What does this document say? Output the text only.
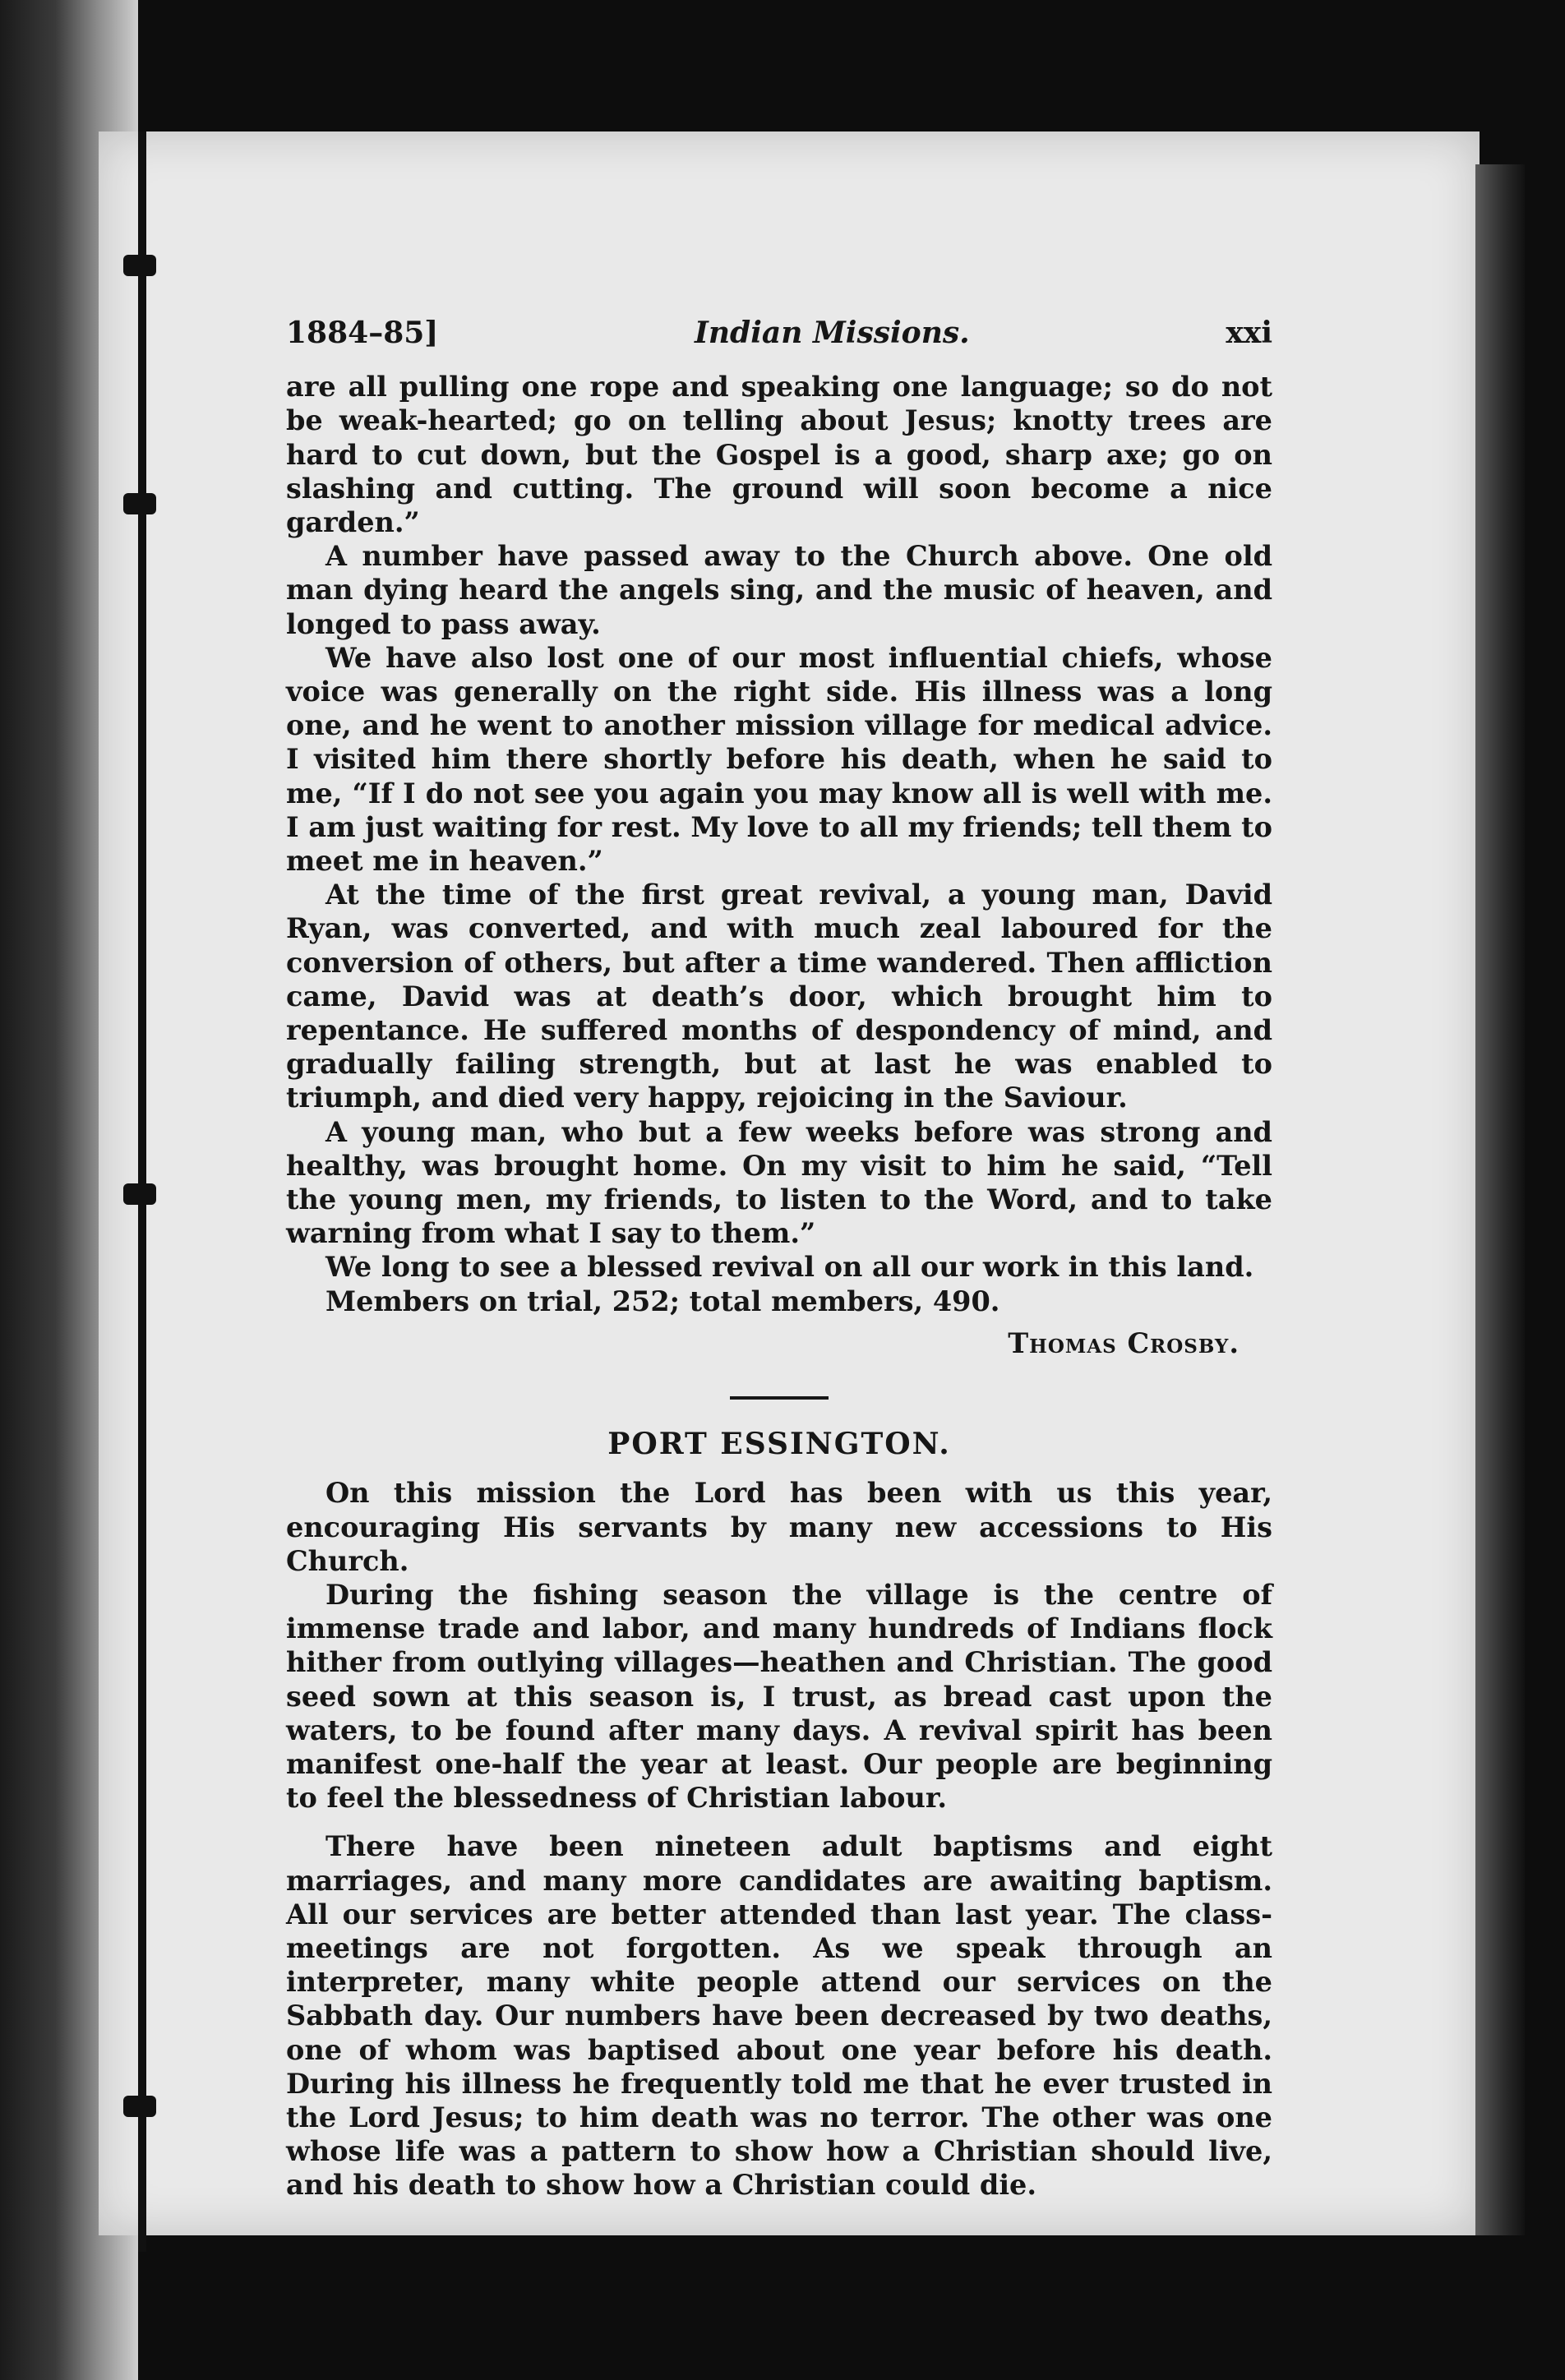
1884–85]	Indian Missions.	xxi

are all pulling one rope and speaking one language; so do not be weak-hearted; go on telling about Jesus; knotty trees are hard to cut down, but the Gospel is a good, sharp axe; go on slashing and cutting. The ground will soon become a nice garden.”

A number have passed away to the Church above. One old man dying heard the angels sing, and the music of heaven, and longed to pass away.

We have also lost one of our most influential chiefs, whose voice was generally on the right side. His illness was a long one, and he went to another mission village for medical advice. I visited him there shortly before his death, when he said to me, “If I do not see you again you may know all is well with me. I am just waiting for rest. My love to all my friends; tell them to meet me in heaven.”

At the time of the first great revival, a young man, David Ryan, was converted, and with much zeal laboured for the conversion of others, but after a time wandered. Then affliction came, David was at death’s door, which brought him to repentance. He suffered months of despondency of mind, and gradually failing strength, but at last he was enabled to triumph, and died very happy, rejoicing in the Saviour.

A young man, who but a few weeks before was strong and healthy, was brought home. On my visit to him he said, “Tell the young men, my friends, to listen to the Word, and to take warning from what I say to them.”

We long to see a blessed revival on all our work in this land.

Members on trial, 252; total members, 490.

Thomas Crosby.

PORT ESSINGTON.

On this mission the Lord has been with us this year, encouraging His servants by many new accessions to His Church.

During the fishing season the village is the centre of immense trade and labor, and many hundreds of Indians flock hither from outlying villages—heathen and Christian. The good seed sown at this season is, I trust, as bread cast upon the waters, to be found after many days. A revival spirit has been manifest one-half the year at least. Our people are beginning to feel the blessedness of Christian labour.

There have been nineteen adult baptisms and eight marriages, and many more candidates are awaiting baptism. All our services are better attended than last year. The class-meetings are not forgotten. As we speak through an interpreter, many white people attend our services on the Sabbath day. Our numbers have been decreased by two deaths, one of whom was baptised about one year before his death. During his illness he frequently told me that he ever trusted in the Lord Jesus; to him death was no terror. The other was one whose life was a pattern to show how a Christian should live, and his death to show how a Christian could die.
